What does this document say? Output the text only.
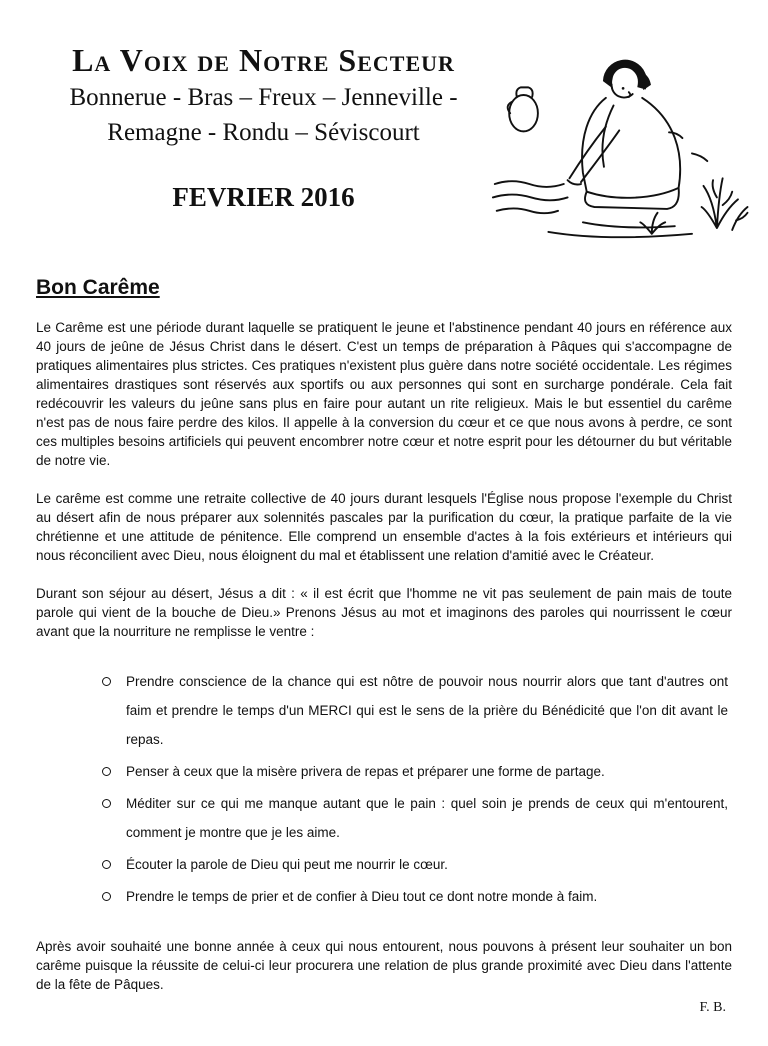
La Voix de Notre Secteur
Bonnerue - Bras – Freux – Jenneville -
Remagne - Rondu – Séviscourt
FEVRIER 2016
Bon Carême

Le Carême est une période durant laquelle se pratiquent le jeune et l'abstinence pendant 40 jours en référence aux 40 jours de jeûne de Jésus Christ dans le désert. C'est un temps de préparation à Pâques qui s'accompagne de pratiques alimentaires plus strictes. Ces pratiques n'existent plus guère dans notre société occidentale. Les régimes alimentaires drastiques sont réservés aux sportifs ou aux personnes qui sont en surcharge pondérale. Cela fait redécouvrir les valeurs du jeûne sans plus en faire pour autant un rite religieux. Mais le but essentiel du carême n'est pas de nous faire perdre des kilos. Il appelle à la conversion du cœur et ce que nous avons à perdre, ce sont ces multiples besoins artificiels qui peuvent encombrer notre cœur et notre esprit pour les détourner du but véritable de notre vie.

Le carême est comme une retraite collective de 40 jours durant lesquels l'Église nous propose l'exemple du Christ au désert afin de nous préparer aux solennités pascales par la purification du cœur, la pratique parfaite de la vie chrétienne et une attitude de pénitence. Elle comprend un ensemble d'actes à la fois extérieurs et intérieurs qui nous réconcilient avec Dieu, nous éloignent du mal et établissent une relation d'amitié avec le Créateur.

Durant son séjour au désert, Jésus a dit : « il est écrit que l'homme ne vit pas seulement de pain mais de toute parole qui vient de la bouche de Dieu.» Prenons Jésus au mot et imaginons des paroles qui nourrissent le cœur avant que la nourriture ne remplisse le ventre :

Prendre conscience de la chance qui est nôtre de pouvoir nous nourrir alors que tant d'autres ont faim et prendre le temps d'un MERCI qui est le sens de la prière du Bénédicité que l'on dit avant le repas.
Penser à ceux que la misère privera de repas et préparer une forme de partage.
Méditer sur ce qui me manque autant que le pain : quel soin je prends de ceux qui m'entourent, comment je montre que je les aime.
Écouter la parole de Dieu qui peut me nourrir le cœur.
Prendre le temps de prier et de confier à Dieu tout ce dont notre monde à faim.

Après avoir souhaité une bonne année à ceux qui nous entourent, nous pouvons à présent leur souhaiter un bon carême puisque la réussite de celui-ci leur procurera une relation de plus grande proximité avec Dieu dans l'attente de la fête de Pâques.

F. B.
